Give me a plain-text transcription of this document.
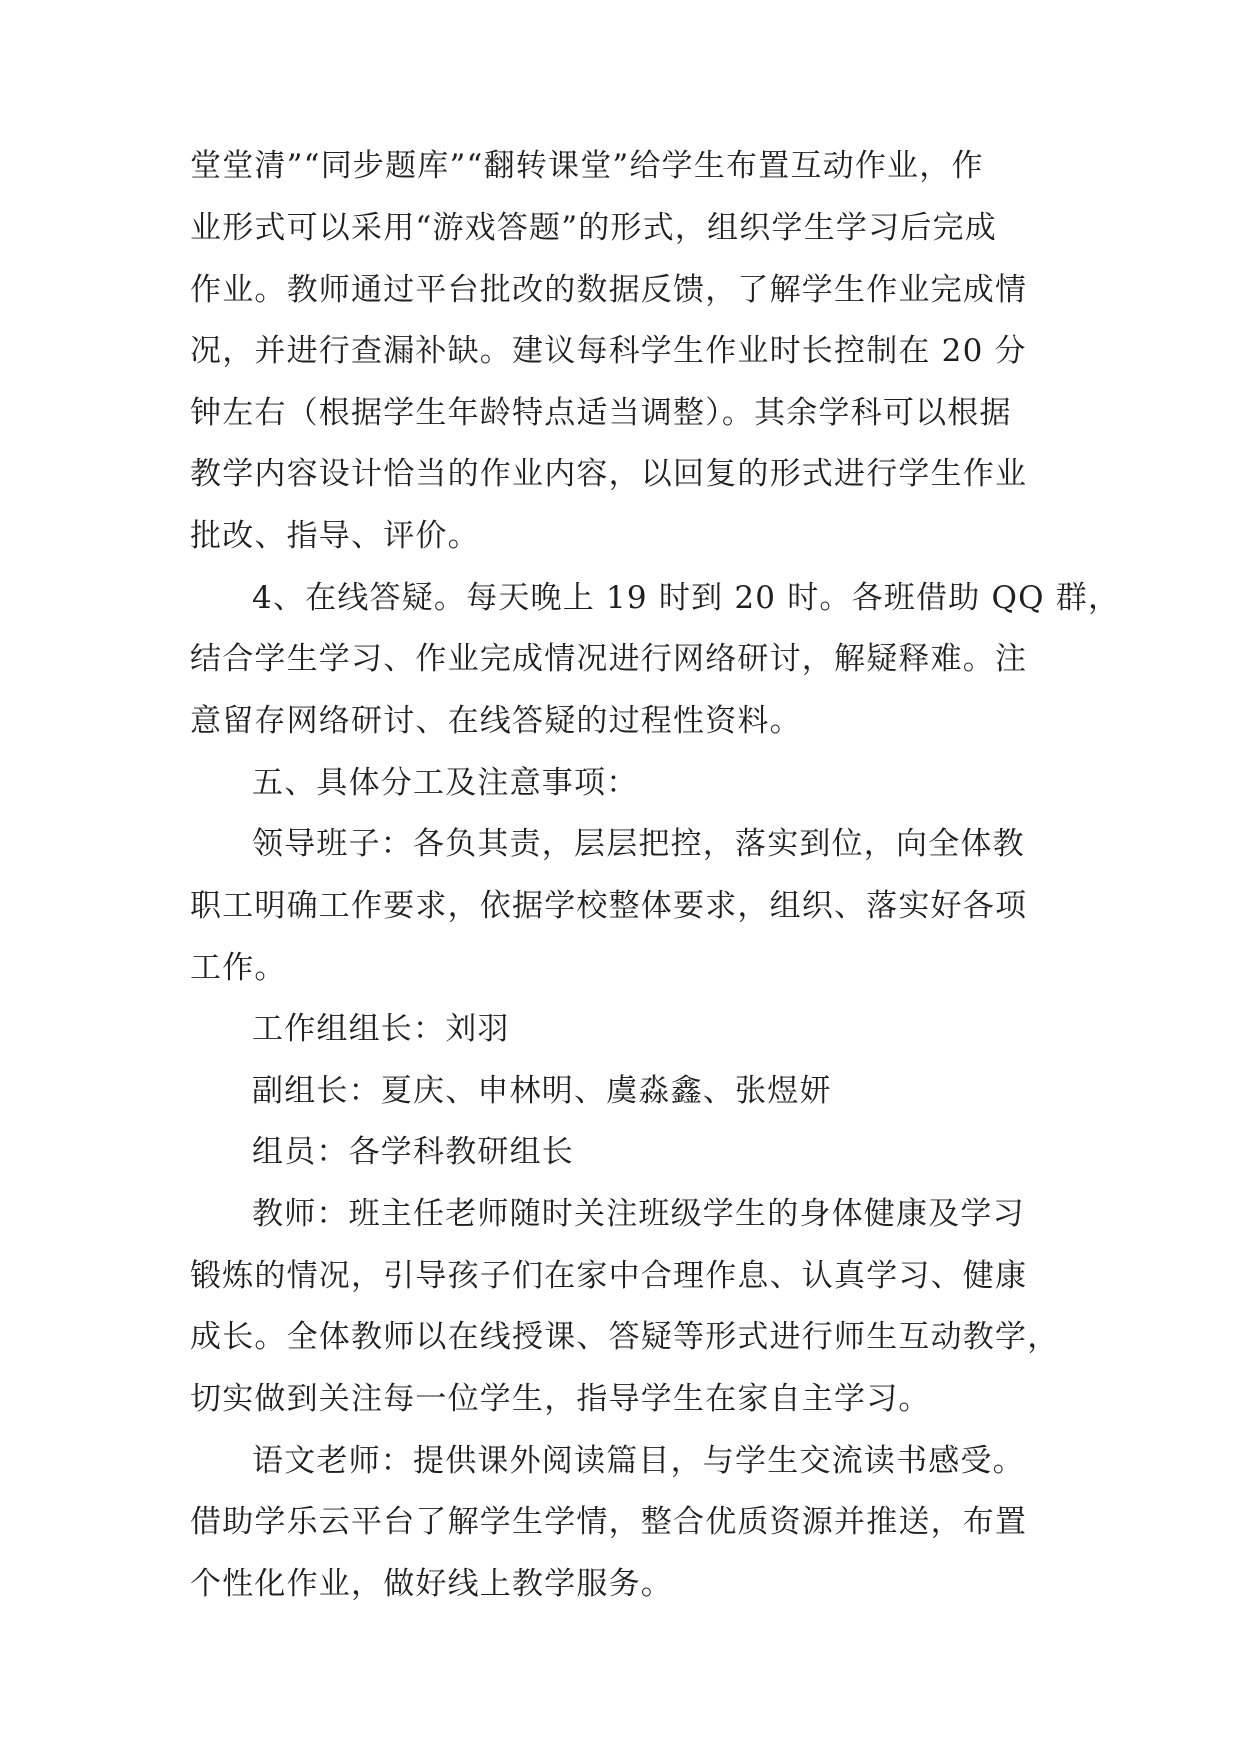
堂堂清”“同步题库”“翻转课堂”给学生布置互动作业，作
业形式可以采用“游戏答题”的形式，组织学生学习后完成
作业。教师通过平台批改的数据反馈，了解学生作业完成情
况，并进行查漏补缺。建议每科学生作业时长控制在 20 分
钟左右（根据学生年龄特点适当调整）。其余学科可以根据
教学内容设计恰当的作业内容，以回复的形式进行学生作业
批改、指导、评价。
4、在线答疑。每天晚上 19 时到 20 时。各班借助 QQ 群，
结合学生学习、作业完成情况进行网络研讨，解疑释难。注
意留存网络研讨、在线答疑的过程性资料。
五、具体分工及注意事项：
领导班子：各负其责，层层把控，落实到位，向全体教
职工明确工作要求，依据学校整体要求，组织、落实好各项
工作。
工作组组长：刘羽
副组长：夏庆、申林明、虞淼鑫、张煜妍
组员：各学科教研组长
教师：班主任老师随时关注班级学生的身体健康及学习
锻炼的情况，引导孩子们在家中合理作息、认真学习、健康
成长。全体教师以在线授课、答疑等形式进行师生互动教学，
切实做到关注每一位学生，指导学生在家自主学习。
语文老师：提供课外阅读篇目，与学生交流读书感受。
借助学乐云平台了解学生学情，整合优质资源并推送，布置
个性化作业，做好线上教学服务。
